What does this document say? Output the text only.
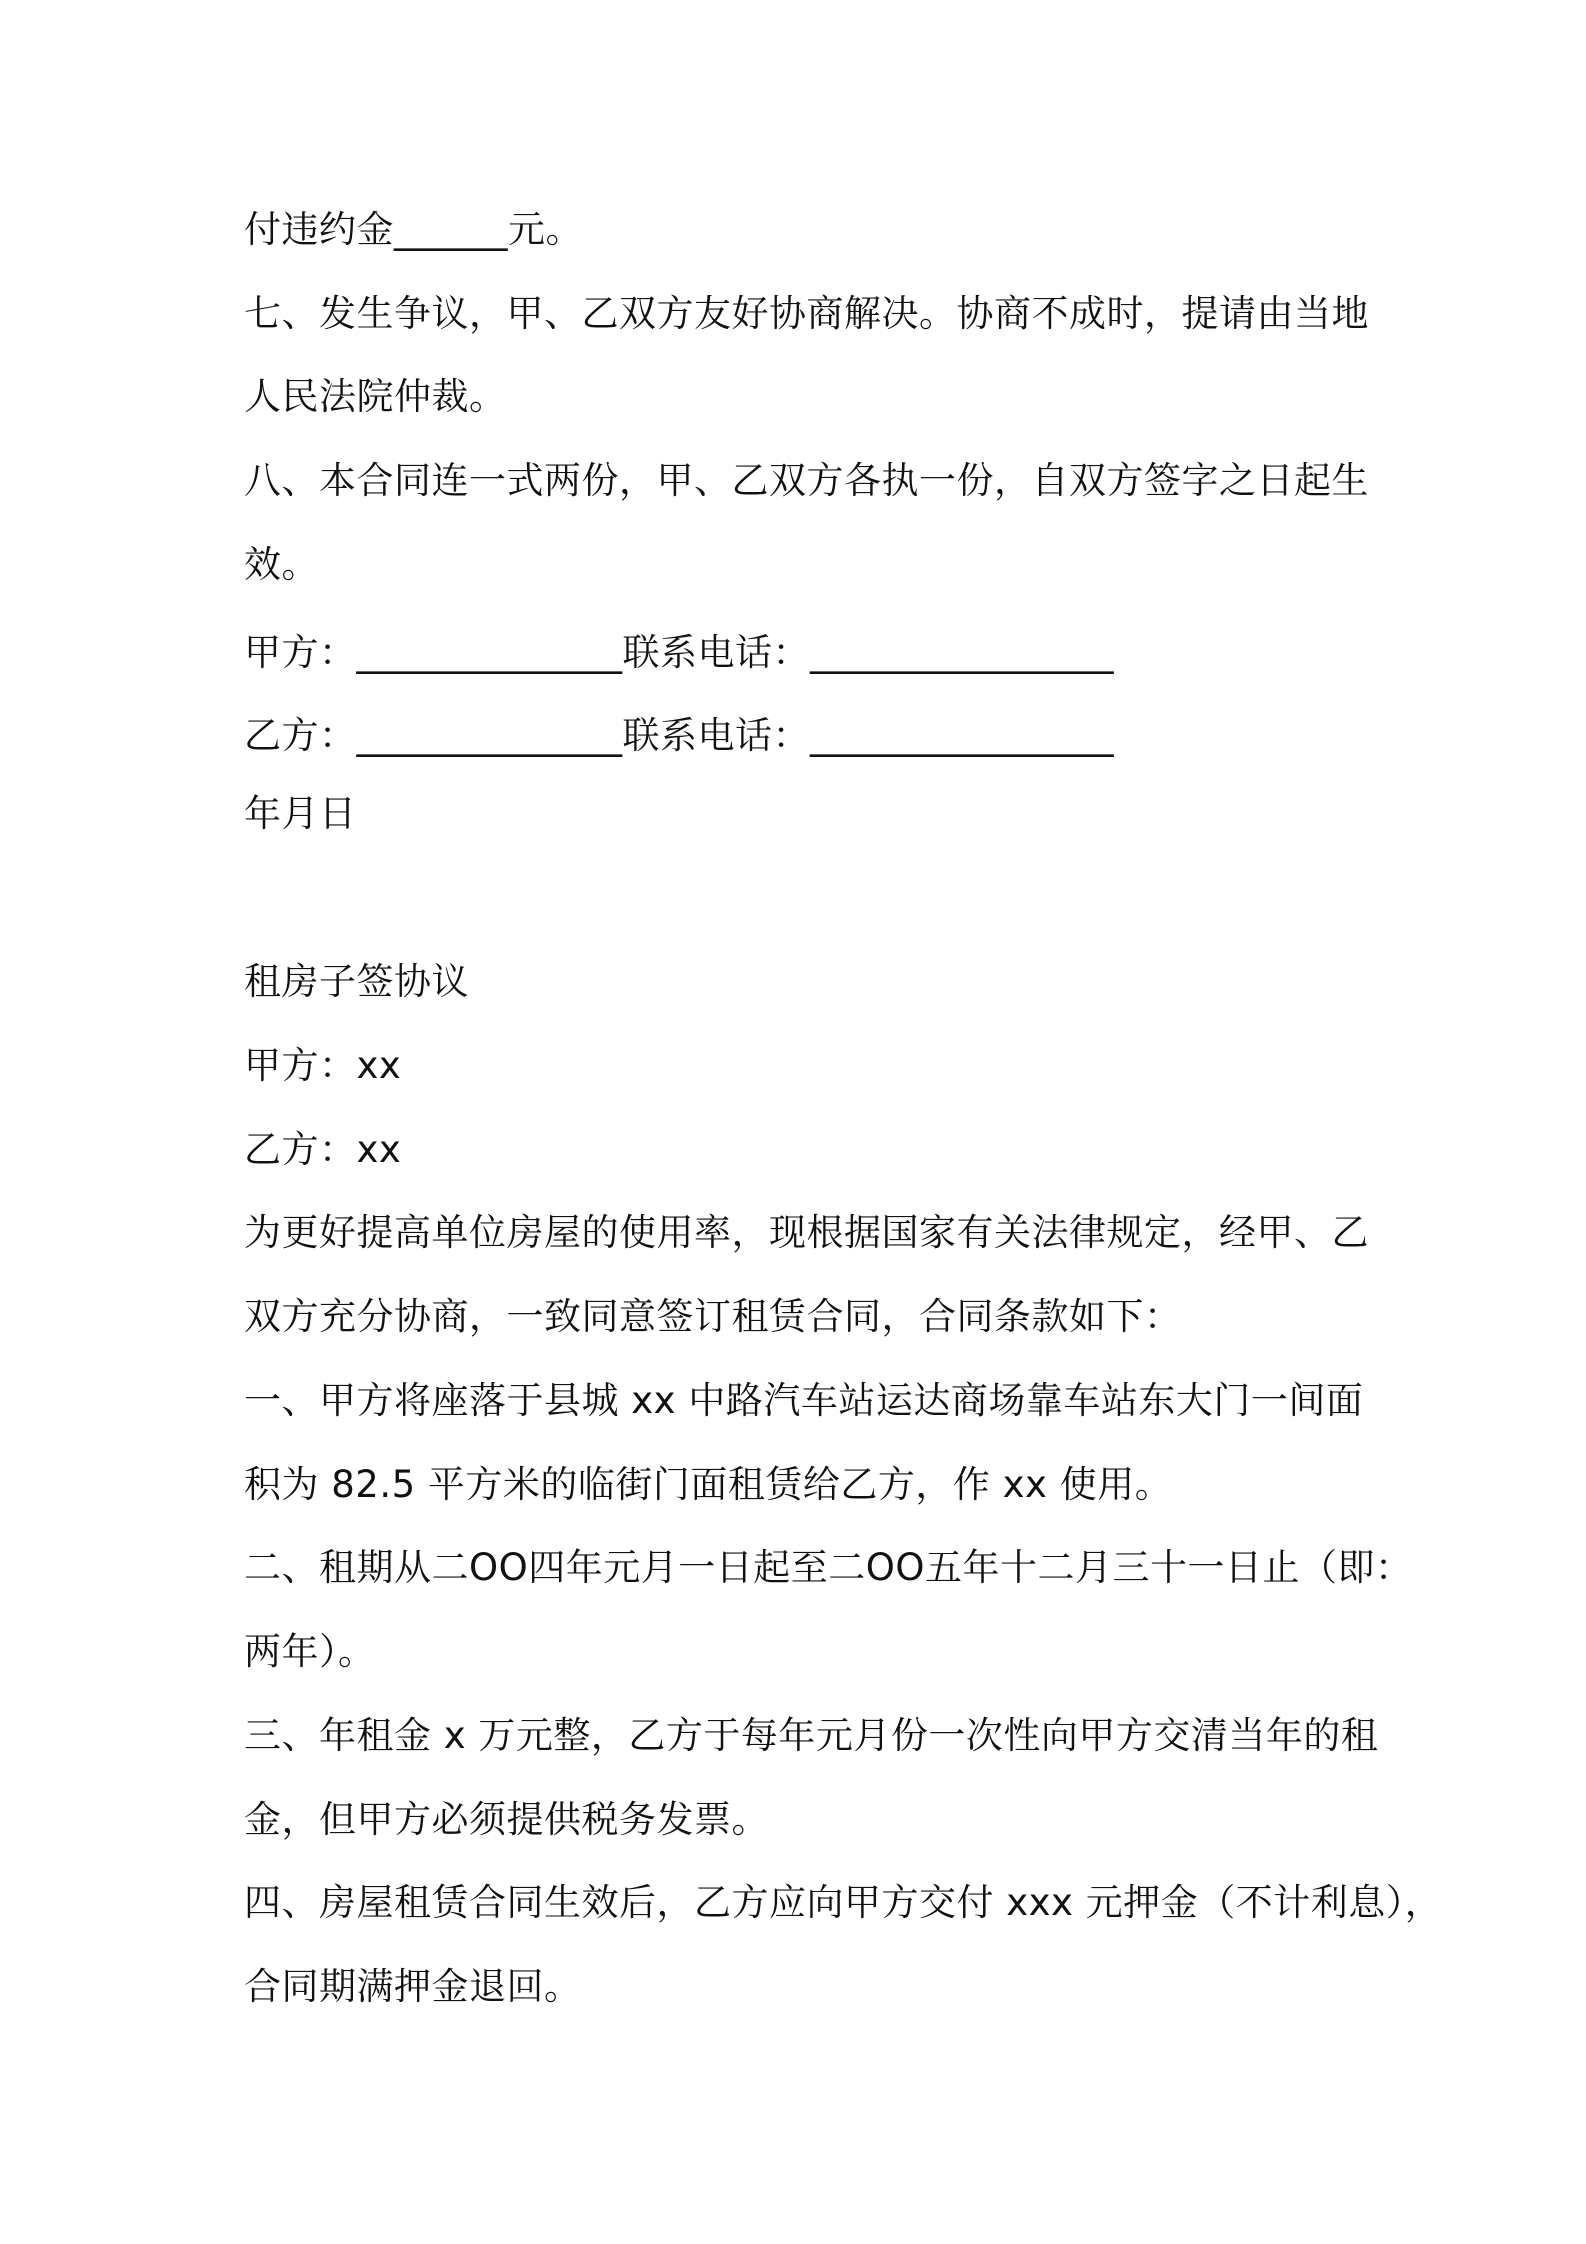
付违约金______元。

七、发生争议，甲、乙双方友好协商解决。协商不成时，提请由当地

人民法院仲裁。

八、本合同连一式两份，甲、乙双方各执一份，自双方签字之日起生

效。

甲方：______________联系电话：________________

乙方：______________联系电话：________________

年月日

租房子签协议

甲方：xx

乙方：xx

为更好提高单位房屋的使用率，现根据国家有关法律规定，经甲、乙

双方充分协商，一致同意签订租赁合同，合同条款如下：

一、甲方将座落于县城 xx 中路汽车站运达商场靠车站东大门一间面

积为 82.5 平方米的临街门面租赁给乙方，作 xx 使用。

二、租期从二OO四年元月一日起至二OO五年十二月三十一日止（即：

两年）。

三、年租金 x 万元整，乙方于每年元月份一次性向甲方交清当年的租

金，但甲方必须提供税务发票。

四、房屋租赁合同生效后，乙方应向甲方交付 xxx 元押金（不计利息），

合同期满押金退回。
